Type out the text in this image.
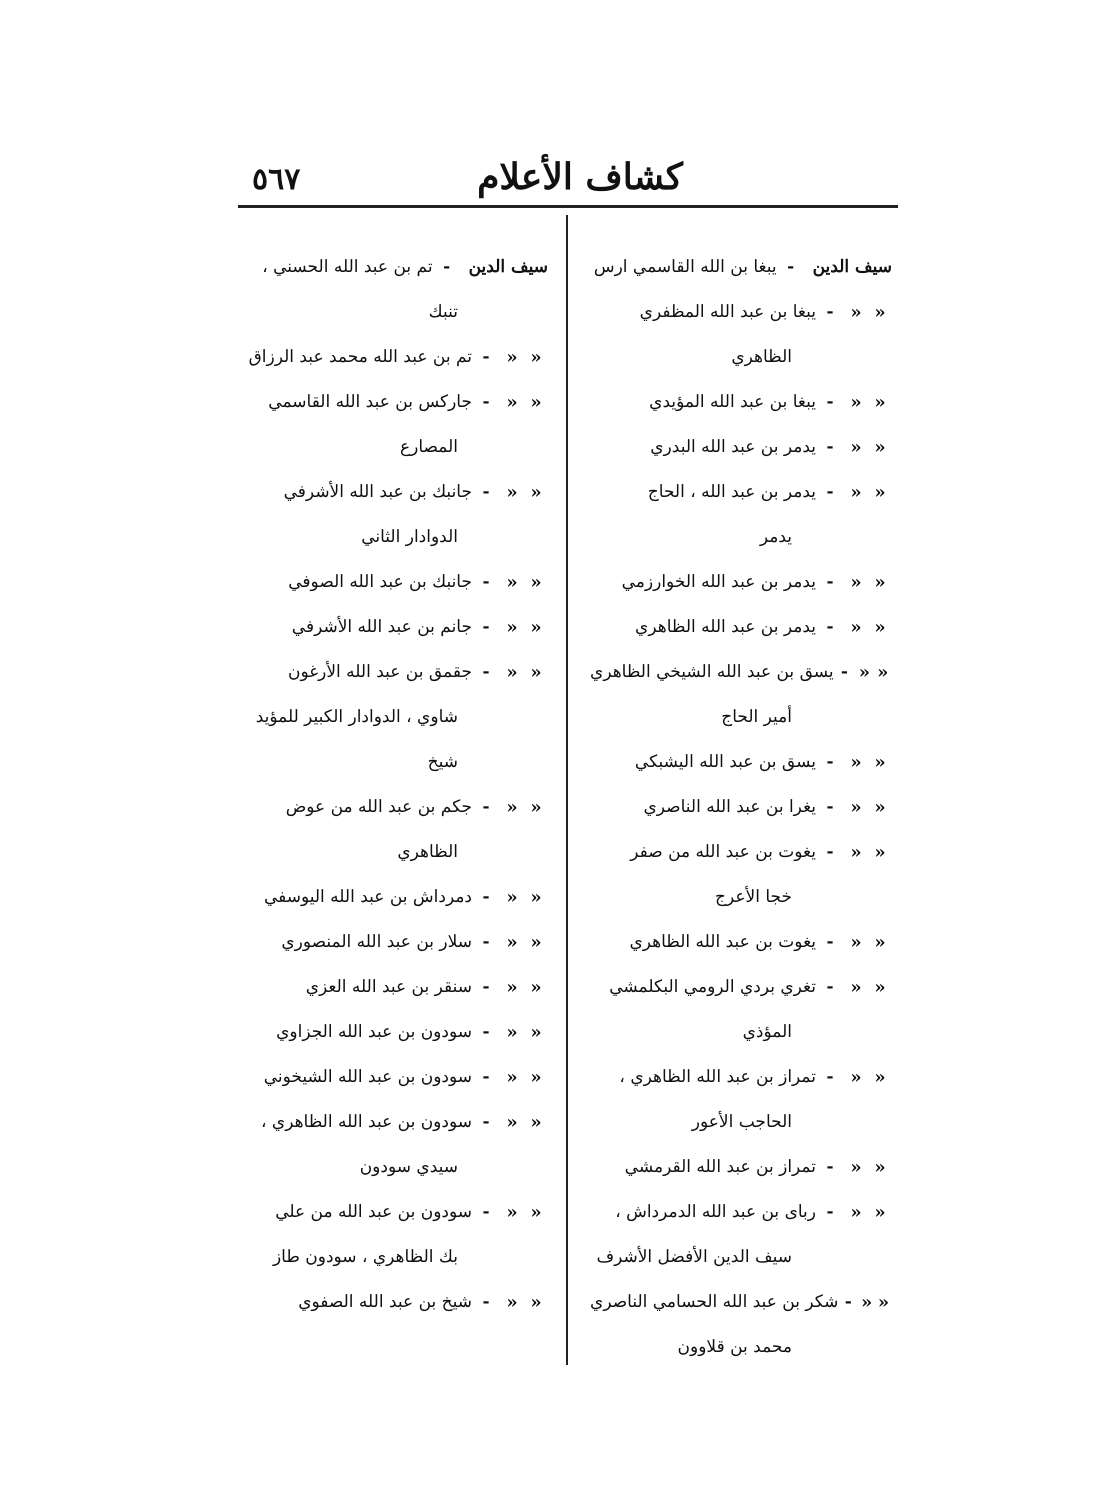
٥٦٧	كشاف الأعلام
سيف الدين
-
يبغا بن الله القاسمي ارس
«
«
-
يبغا بن عبد الله المظفري
الظاهري
«
«
-
يبغا بن عبد الله المؤيدي
«
«
-
يدمر بن عبد الله البدري
«
«
-
يدمر بن عبد الله ، الحاج
يدمر
«
«
-
يدمر بن عبد الله الخوارزمي
«
«
-
يدمر بن عبد الله الظاهري
«
«
-
يسق بن عبد الله الشيخي الظاهري
أمير الحاج
«
«
-
يسق بن عبد الله اليشبكي
«
«
-
يغرا بن عبد الله الناصري
«
«
-
يغوت بن عبد الله من صفر
خجا الأعرج
«
«
-
يغوت بن عبد الله الظاهري
«
«
-
تغري بردي الرومي البكلمشي
المؤذي
«
«
-
تمراز بن عبد الله الظاهري ،
الحاجب الأعور
«
«
-
تمراز بن عبد الله القرمشي
«
«
-
ربای بن عبد الله الدمرداش ،
سيف الدين الأفضل الأشرف
«
«
-
شكر بن عبد الله الحسامي الناصري
محمد بن قلاوون
سيف الدين
-
تم بن عبد الله الحسني ،
تنبك
«
«
-
تم بن عبد الله محمد عبد الرزاق
«
«
-
جاركس بن عبد الله القاسمي
المصارع
«
«
-
جانبك بن عبد الله الأشرفي
الدوادار الثاني
«
«
-
جانبك بن عبد الله الصوفي
«
«
-
جانم بن عبد الله الأشرفي
«
«
-
جقمق بن عبد الله الأرغون
شاوي ، الدوادار الكبير للمؤيد
شيخ
«
«
-
جكم بن عبد الله من عوض
الظاهري
«
«
-
دمرداش بن عبد الله اليوسفي
«
«
-
سلار بن عبد الله المنصوري
«
«
-
سنقر بن عبد الله العزي
«
«
-
سودون بن عبد الله الجزاوي
«
«
-
سودون بن عبد الله الشيخوني
«
«
-
سودون بن عبد الله الظاهري ،
سيدي سودون
«
«
-
سودون بن عبد الله من علي
بك الظاهري ، سودون طاز
«
«
-
شيخ بن عبد الله الصفوي
